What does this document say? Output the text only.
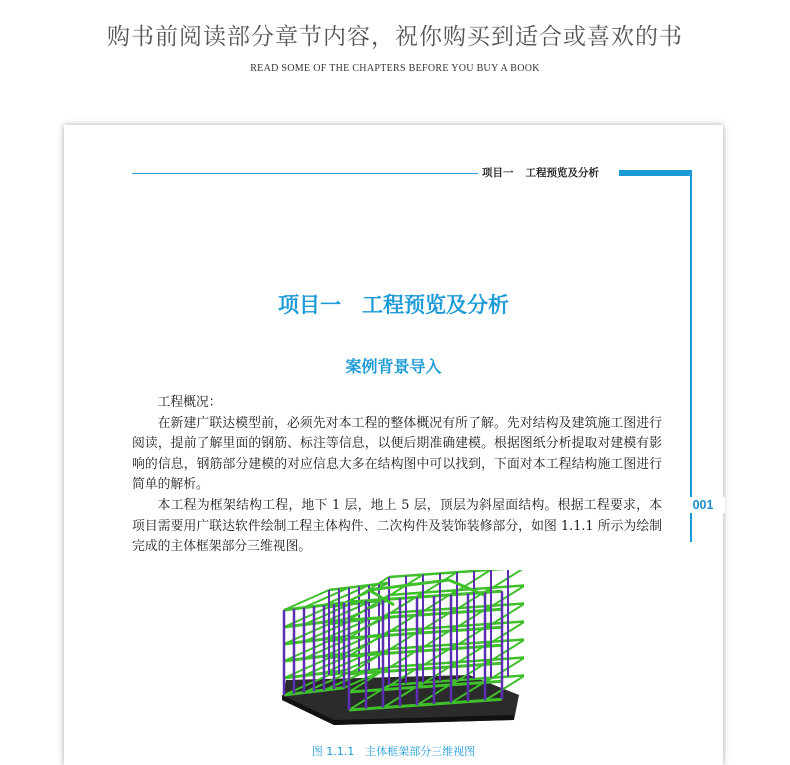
购书前阅读部分章节内容，祝你购买到适合或喜欢的书
READ SOME OF THE CHAPTERS BEFORE YOU BUY A BOOK
项目一 工程预览及分析
001
项目一　工程预览及分析
案例背景导入

工程概况：

在新建广联达模型前，必须先对本工程的整体概况有所了解。先对结构及建筑施工图进行阅读，提前了解里面的钢筋、标注等信息，以便后期准确建模。根据图纸分析提取对建模有影响的信息，钢筋部分建模的对应信息大多在结构图中可以找到，下面对本工程结构施工图进行简单的解析。

本工程为框架结构工程，地下 1 层，地上 5 层，顶层为斜屋面结构。根据工程要求，本项目需要用广联达软件绘制工程主体构件、二次构件及装饰装修部分，如图 1.1.1 所示为绘制完成的主体框架部分三维视图。

图 1.1.1　主体框架部分三维视图
